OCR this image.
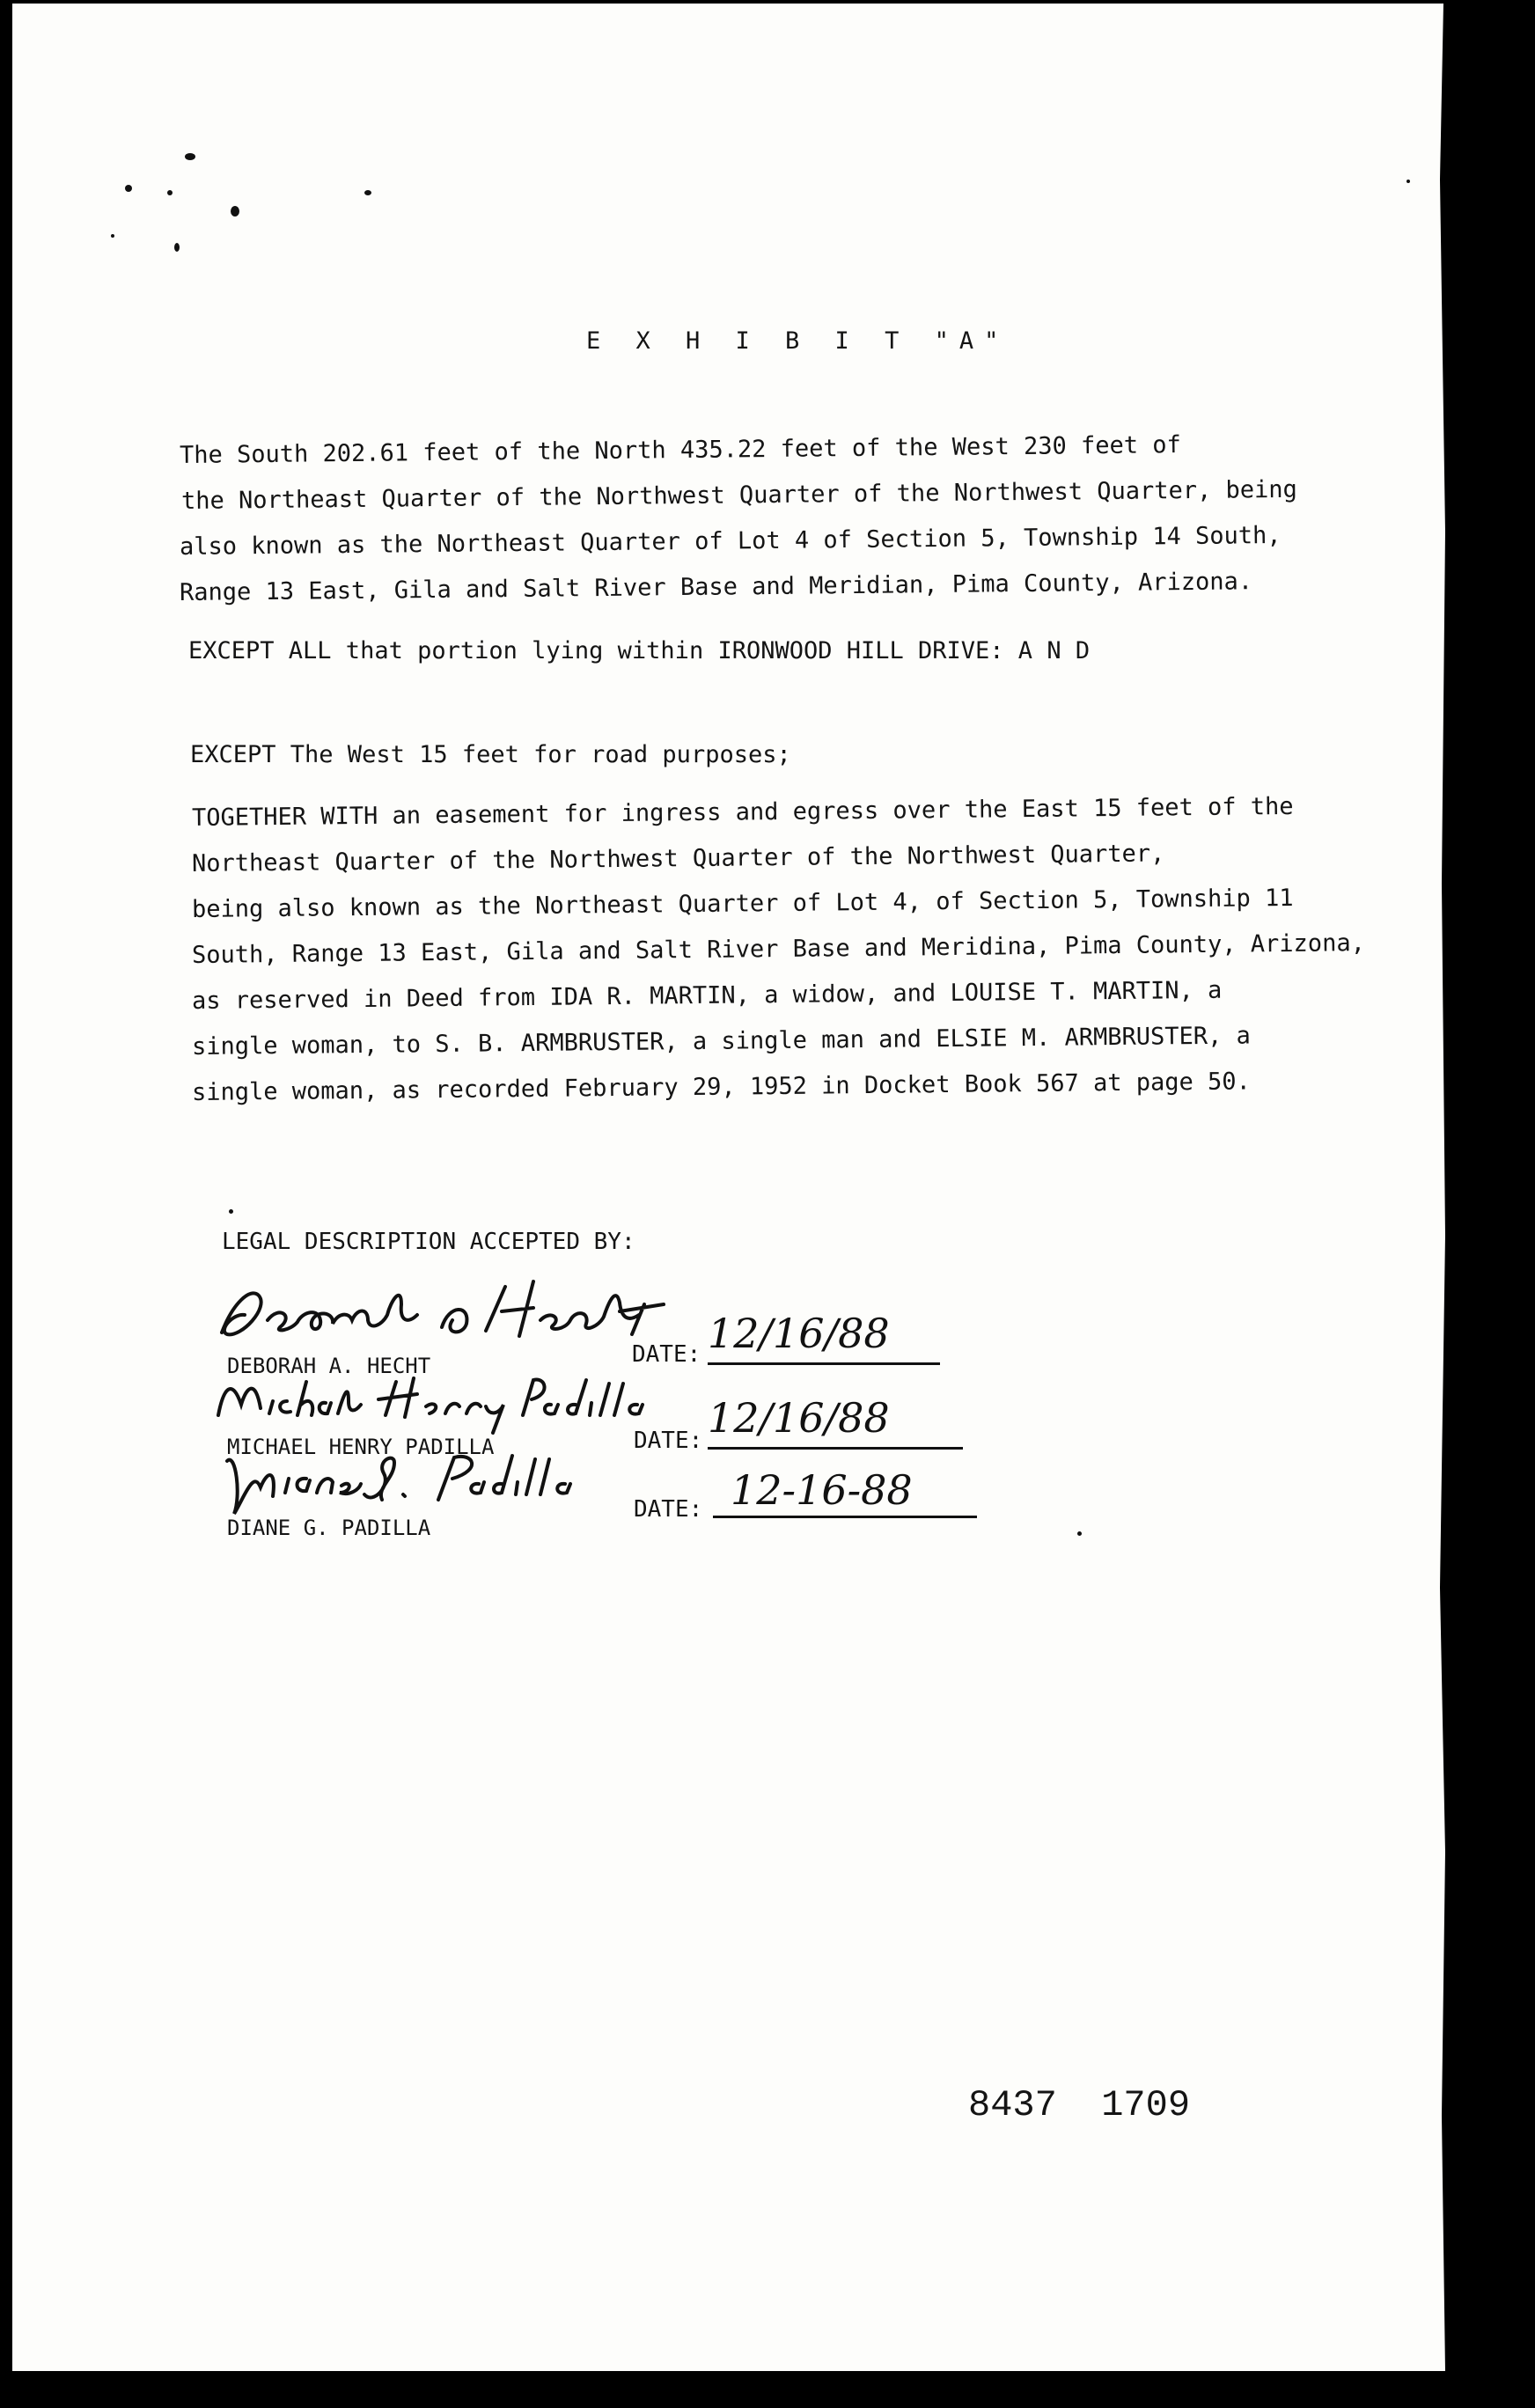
E X H I B I T "A"
The South 202.61 feet of the North 435.22 feet of the West 230 feet of
the Northeast Quarter of the Northwest Quarter of the Northwest Quarter, being
also known as the Northeast Quarter of Lot 4 of Section 5, Township 14 South,
Range 13 East, Gila and Salt River Base and Meridian, Pima County, Arizona.
EXCEPT ALL that portion lying within IRONWOOD HILL DRIVE: A N D
EXCEPT The West 15 feet for road purposes;
TOGETHER WITH an easement for ingress and egress over the East 15 feet of the
Northeast Quarter of the Northwest Quarter of the Northwest Quarter,
being also known as the Northeast Quarter of Lot 4, of Section 5, Township 11
South, Range 13 East, Gila and Salt River Base and Meridina, Pima County, Arizona,
as reserved in Deed from IDA R. MARTIN, a widow, and LOUISE T. MARTIN, a
single woman, to S. B. ARMBRUSTER, a single man and ELSIE M. ARMBRUSTER, a
single woman, as recorded February 29, 1952 in Docket Book 567 at page 50.
LEGAL DESCRIPTION ACCEPTED BY:
DEBORAH A. HECHT	DATE: 12/16/88
MICHAEL HENRY PADILLA	DATE: 12/16/88
DIANE G. PADILLA
DATE: 12-16-88
8437  1709
